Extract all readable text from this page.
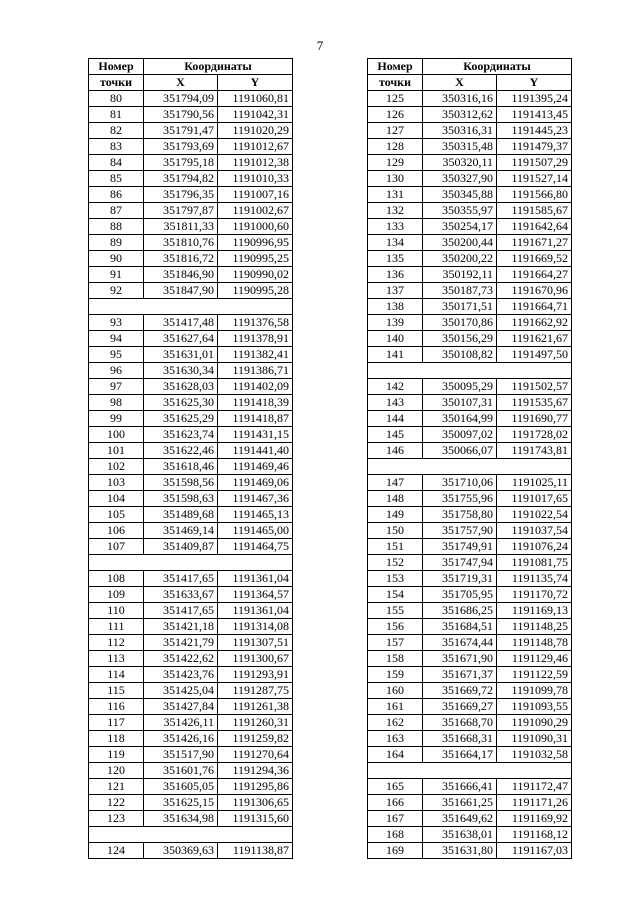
7
Номер	Координаты	
точки	X	Y
80	351794,09	1191060,81
81	351790,56	1191042,31
82	351791,47	1191020,29
83	351793,69	1191012,67
84	351795,18	1191012,38
85	351794,82	1191010,33
86	351796,35	1191007,16
87	351797,87	1191002,67
88	351811,33	1191000,60
89	351810,76	1190996,95
90	351816,72	1190995,25
91	351846,90	1190990,02
92	351847,90	1190995,28

93	351417,48	1191376,58
94	351627,64	1191378,91
95	351631,01	1191382,41
96	351630,34	1191386,71
97	351628,03	1191402,09
98	351625,30	1191418,39
99	351625,29	1191418,87
100	351623,74	1191431,15
101	351622,46	1191441,40
102	351618,46	1191469,46
103	351598,56	1191469,06
104	351598,63	1191467,36
105	351489,68	1191465,13
106	351469,14	1191465,00
107	351409,87	1191464,75

108	351417,65	1191361,04
109	351633,67	1191364,57
110	351417,65	1191361,04
111	351421,18	1191314,08
112	351421,79	1191307,51
113	351422,62	1191300,67
114	351423,76	1191293,91
115	351425,04	1191287,75
116	351427,84	1191261,38
117	351426,11	1191260,31
118	351426,16	1191259,82
119	351517,90	1191270,64
120	351601,76	1191294,36
121	351605,05	1191295,86
122	351625,15	1191306,65
123	351634,98	1191315,60

124	350369,63	1191138,87
Номер	Координаты	
точки	X	Y
125	350316,16	1191395,24
126	350312,62	1191413,45
127	350316,31	1191445,23
128	350315,48	1191479,37
129	350320,11	1191507,29
130	350327,90	1191527,14
131	350345,88	1191566,80
132	350355,97	1191585,67
133	350254,17	1191642,64
134	350200,44	1191671,27
135	350200,22	1191669,52
136	350192,11	1191664,27
137	350187,73	1191670,96
138	350171,51	1191664,71
139	350170,86	1191662,92
140	350156,29	1191621,67
141	350108,82	1191497,50

142	350095,29	1191502,57
143	350107,31	1191535,67
144	350164,99	1191690,77
145	350097,02	1191728,02
146	350066,07	1191743,81

147	351710,06	1191025,11
148	351755,96	1191017,65
149	351758,80	1191022,54
150	351757,90	1191037,54
151	351749,91	1191076,24
152	351747,94	1191081,75
153	351719,31	1191135,74
154	351705,95	1191170,72
155	351686,25	1191169,13
156	351684,51	1191148,25
157	351674,44	1191148,78
158	351671,90	1191129,46
159	351671,37	1191122,59
160	351669,72	1191099,78
161	351669,27	1191093,55
162	351668,70	1191090,29
163	351668,31	1191090,31
164	351664,17	1191032,58

165	351666,41	1191172,47
166	351661,25	1191171,26
167	351649,62	1191169,92
168	351638,01	1191168,12
169	351631,80	1191167,03
